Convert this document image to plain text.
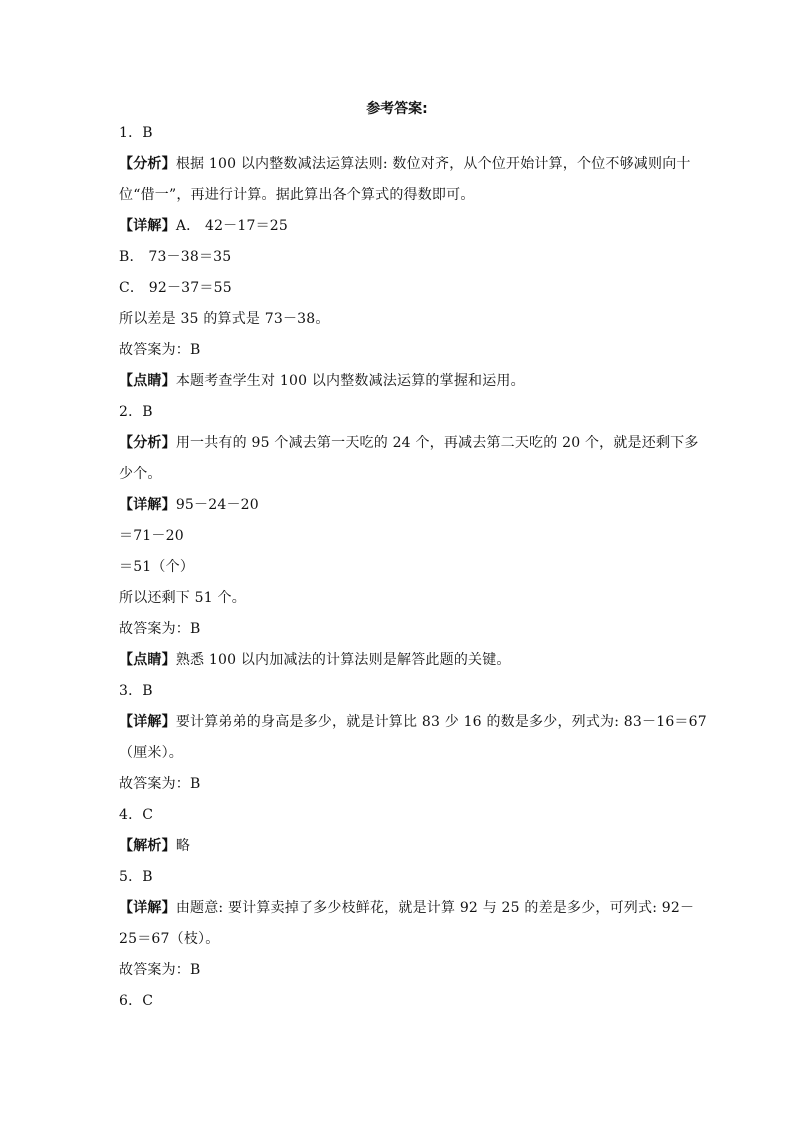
参考答案:
1．B
【分析】根据 100 以内整数减法运算法则: 数位对齐，从个位开始计算，个位不够减则向十
位“借一”，再进行计算。据此算出各个算式的得数即可。
【详解】A． 42－17＝25
B． 73－38＝35
C． 92－37＝55
所以差是 35 的算式是 73－38。
故答案为：B
【点睛】本题考查学生对 100 以内整数减法运算的掌握和运用。
2．B
【分析】用一共有的 95 个减去第一天吃的 24 个，再减去第二天吃的 20 个，就是还剩下多
少个。
【详解】95－24－20
＝71－20
＝51（个）
所以还剩下 51 个。
故答案为：B
【点睛】熟悉 100 以内加减法的计算法则是解答此题的关键。
3．B
【详解】要计算弟弟的身高是多少，就是计算比 83 少 16 的数是多少，列式为: 83－16＝67
（厘米）。
故答案为：B
4．C
【解析】略
5．B
【详解】由题意: 要计算卖掉了多少枝鲜花，就是计算 92 与 25 的差是多少，可列式: 92－
25＝67（枝）。
故答案为：B
6．C
